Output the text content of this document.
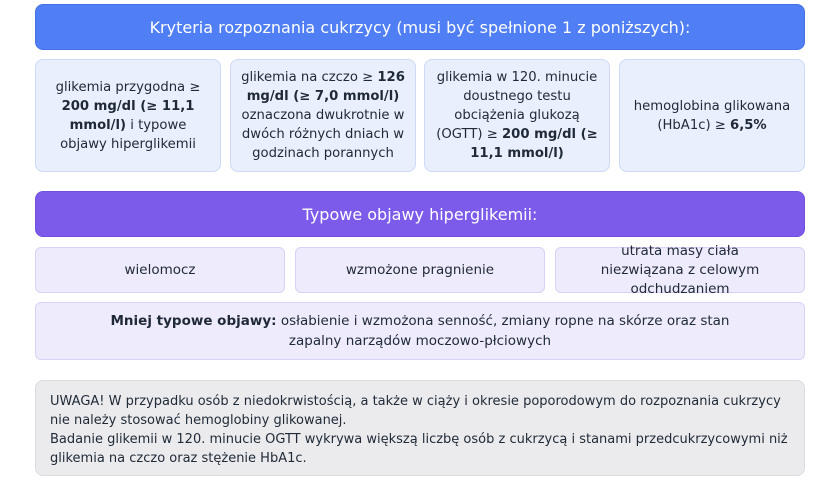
Kryteria rozpoznania cukrzycy (musi być spełnione 1 z poniższych):
glikemia przygodna ≥ 200 mg/dl (≥ 11,1 mmol/l) i typowe objawy hiperglikemii
glikemia na czczo ≥ 126 mg/dl (≥ 7,0 mmol/l) oznaczona dwukrotnie w dwóch różnych dniach w godzinach porannych
glikemia w 120. minucie doustnego testu obciążenia glukozą (OGTT) ≥ 200 mg/dl (≥ 11,1 mmol/l)
hemoglobina glikowana (HbA1c) ≥ 6,5%
Typowe objawy hiperglikemii:
wielomocz	wzmożone pragnienie
utrata masy ciała niezwiązana z celowym odchudzaniem
Mniej typowe objawy: osłabienie i wzmożona senność, zmiany ropne na skórze oraz stan zapalny narządów moczowo-płciowych
UWAGA! W przypadku osób z niedokrwistością, a także w ciąży i okresie poporodowym do rozpoznania cukrzycy nie należy stosować hemoglobiny glikowanej.
Badanie glikemii w 120. minucie OGTT wykrywa większą liczbę osób z cukrzycą i stanami przedcukrzycowymi niż glikemia na czczo oraz stężenie HbA1c.
